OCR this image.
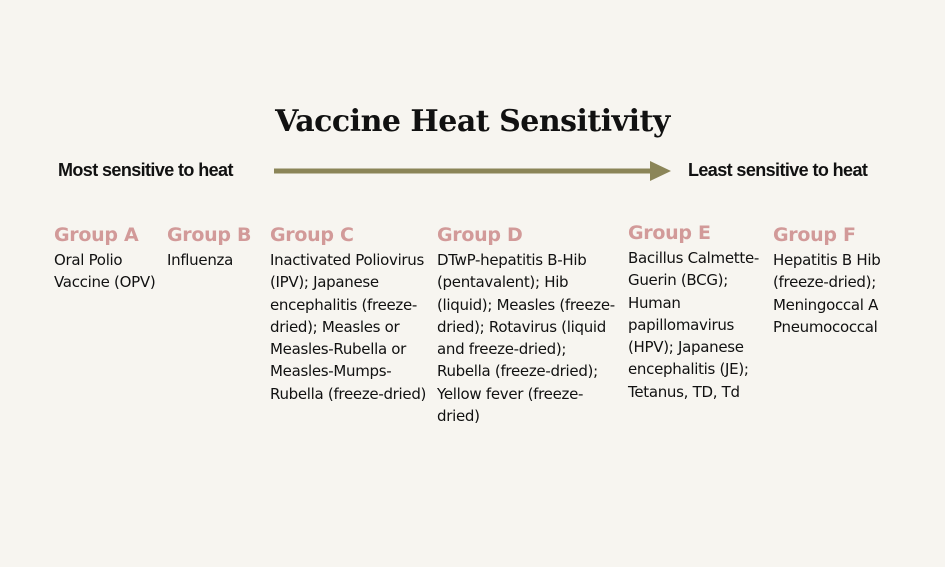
Vaccine Heat Sensitivity
Most sensitive to heat	Least sensitive to heat
Group A

Oral Polio Vaccine (OPV)

Group B

Influenza

Group C

Inactivated Poliovirus (IPV); Japanese encephalitis (freeze-dried); Measles or Measles-Rubella or Measles-Mumps-Rubella (freeze-dried)

Group D

DTwP-hepatitis B-Hib (pentavalent); Hib (liquid); Measles (freeze-dried); Rotavirus (liquid and freeze-dried); Rubella (freeze-dried); Yellow fever (freeze-dried)

Group E

Bacillus Calmette-Guerin (BCG); Human papillomavirus (HPV); Japanese encephalitis (JE); Tetanus, TD, Td

Group F

Hepatitis B Hib (freeze-dried); Meningoccal A Pneumococcal
